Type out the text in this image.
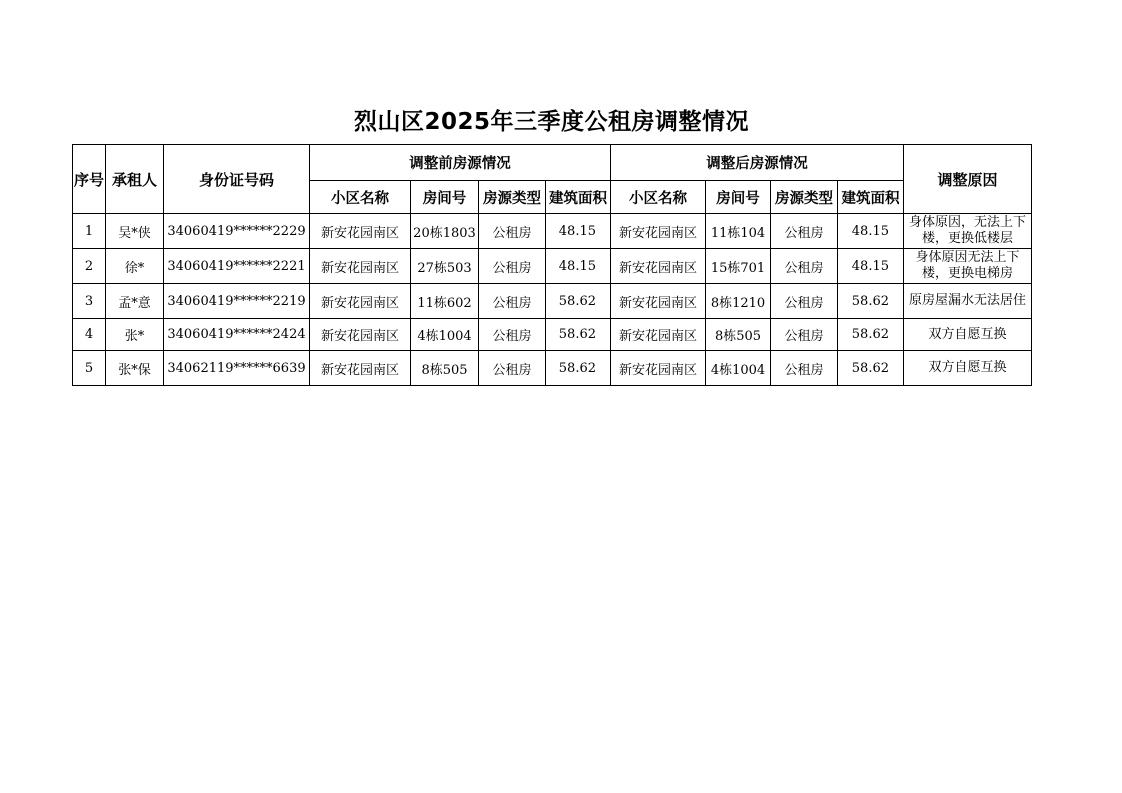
烈山区2025年三季度公租房调整情况
序号	承租人	身份证号码	调整前房源情况				调整后房源情况				调整原因
			小区名称	房间号	房源类型	建筑面积	小区名称	房间号	房源类型	建筑面积	
1	吴*侠	34060419******2229	新安花园南区	20栋1803	公租房	48.15	新安花园南区	11栋104	公租房	48.15	身体原因，无法上下楼，更换低楼层
2	徐*	34060419******2221	新安花园南区	27栋503	公租房	48.15	新安花园南区	15栋701	公租房	48.15	身体原因无法上下楼，更换电梯房
3	孟*意	34060419******2219	新安花园南区	11栋602	公租房	58.62	新安花园南区	8栋1210	公租房	58.62	原房屋漏水无法居住
4	张*	34060419******2424	新安花园南区	4栋1004	公租房	58.62	新安花园南区	8栋505	公租房	58.62	双方自愿互换
5	张*保	34062119******6639	新安花园南区	8栋505	公租房	58.62	新安花园南区	4栋1004	公租房	58.62	双方自愿互换
